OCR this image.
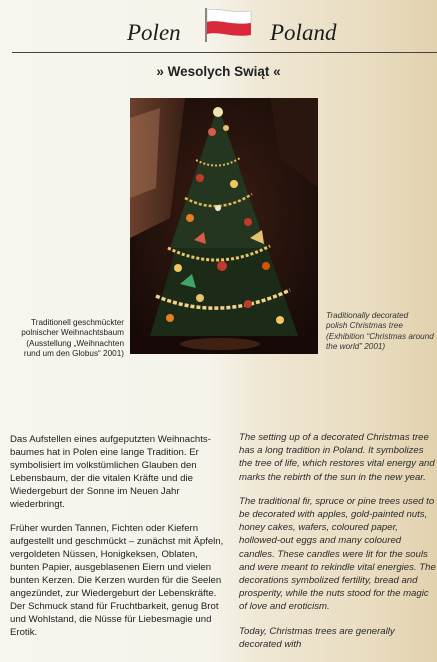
Polen	Poland
» Wesolych Swiąt «
Traditionell geschmückter
polnischer Weihnachtsbaum
(Ausstellung „Weihnachten
rund um den Globus“ 2001)
Traditionally decorated
polish Christmas tree
(Exhibition “Christmas around
the world” 2001)

Das Aufstellen eines aufgeputzten Weihnachts-baumes hat in Polen eine lange Tradition. Er symbolisiert im volkstümlichen Glauben den Lebensbaum, der die vitalen Kräfte und die Wiedergeburt der Sonne im Neuen Jahr wiederbringt.

Früher wurden Tannen, Fichten oder Kiefern aufgestellt und geschmückt – zunächst mit Äpfeln, vergoldeten Nüssen, Honigkeksen, Oblaten, bunten Papier, ausgeblasenen Eiern und vielen bunten Kerzen. Die Kerzen wurden für die Seelen angezündet, zur Wiedergeburt der Lebenskräfte. Der Schmuck stand für Fruchtbarkeit, genug Brot und Wohlstand, die Nüsse für Liebesmagie und Erotik.

The setting up of a decorated Christmas tree has a long tradition in Poland. It symbolizes the tree of life, which restores vital energy and marks the rebirth of the sun in the new year.

The traditional fir, spruce or pine trees used to be decorated with apples, gold-painted nuts, honey cakes, wafers, coloured paper, hollowed-out eggs and many coloured candles. These candles were lit for the souls and were meant to rekindle vital energies. The decorations symbolized fertility, bread and prosperity, while the nuts stood for the magic of love and eroticism.

Today, Christmas trees are generally decorated with
